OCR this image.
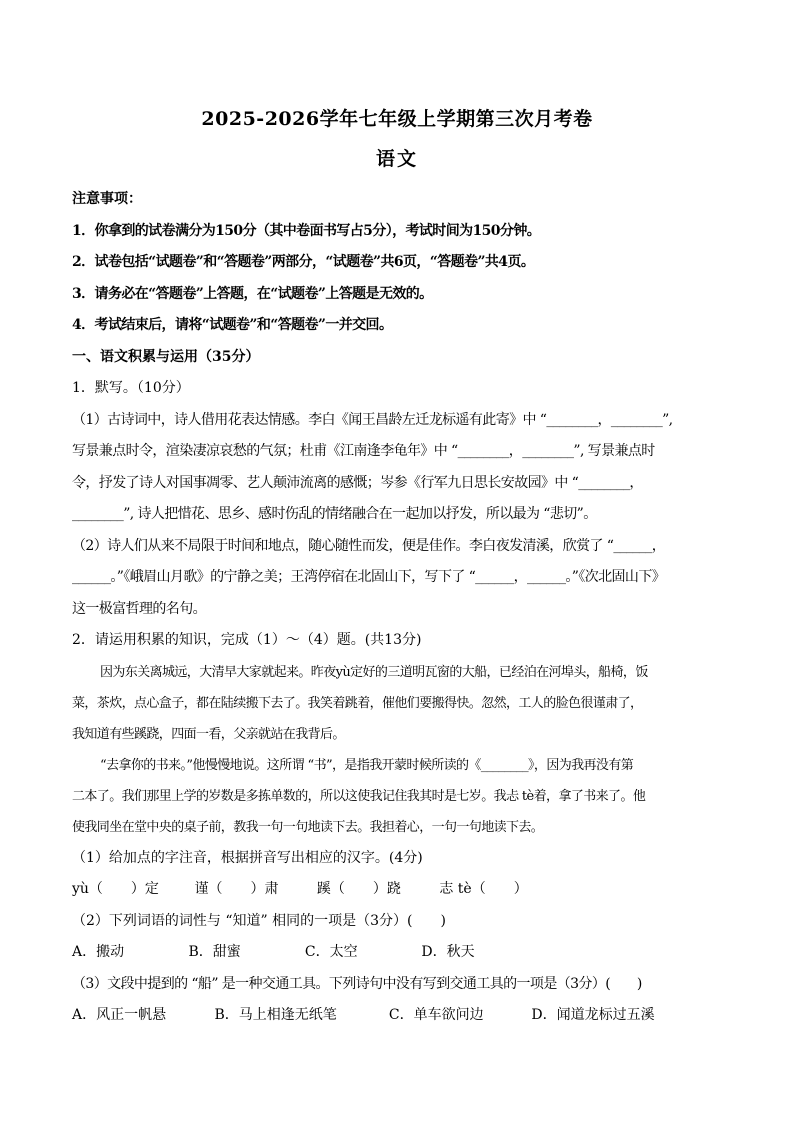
2025-2026学年七年级上学期第三次月考卷
语文
注意事项：
1．你拿到的试卷满分为150分（其中卷面书写占5分），考试时间为150分钟。
2．试卷包括“试题卷”和“答题卷”两部分，“试题卷”共6页，“答题卷”共4页。
3．请务必在“答题卷”上答题，在“试题卷”上答题是无效的。
4．考试结束后，请将“试题卷”和“答题卷”一并交回。
一、语文积累与运用（35分）
1．默写。（10分）
（1）古诗词中，诗人借用花表达情感。李白《闻王昌龄左迁龙标遥有此寄》中 “________，________”,
写景兼点时令，渲染凄凉哀愁的气氛；杜甫《江南逢李龟年》中 “________，________”, 写景兼点时
令，抒发了诗人对国事凋零、艺人颠沛流离的感慨；岑参《行军九日思长安故园》中 “________，
________”, 诗人把惜花、思乡、感时伤乱的情绪融合在一起加以抒发，所以最为 “悲切”。
（2）诗人们从来不局限于时间和地点，随心随性而发，便是佳作。李白夜发清溪，欣赏了 “______，
______。”《峨眉山月歌》的宁静之美；王湾停宿在北固山下，写下了 “______，______。”《次北固山下》
这一极富哲理的名句。
2．请运用积累的知识，完成（1）～（4）题。(共13分)
因为东关离城远，大清早大家就起来。昨夜yù定好的三道明瓦窗的大船，已经泊在河埠头，船椅，饭
菜，茶炊，点心盒子，都在陆续搬下去了。我笑着跳着，催他们要搬得快。忽然，工人的脸色很谨肃了，
我知道有些蹊跷，四面一看，父亲就站在我背后。
“去拿你的书来。”他慢慢地说。这所谓 “书”，是指我开蒙时候所读的《________》，因为我再没有第
二本了。我们那里上学的岁数是多拣单数的，所以这使我记住我其时是七岁。我忐 tè着，拿了书来了。他
使我同坐在堂中央的桌子前，教我一句一句地读下去。我担着心，一句一句地读下去。
（1）给加点的字注音，根据拼音写出相应的汉字。(4分)
yù（　　）定	谨（　　）肃	蹊（　　）跷	志 tè（　　）
（2）下列词语的词性与 “知道” 相同的一项是（3分）(　　)
A．搬动	B．甜蜜	C．太空	D．秋天
（3）文段中提到的 “船” 是一种交通工具。下列诗句中没有写到交通工具的一项是（3分）(　　)
A．风正一帆悬	B．马上相逢无纸笔	C．单车欲问边	D．闻道龙标过五溪
